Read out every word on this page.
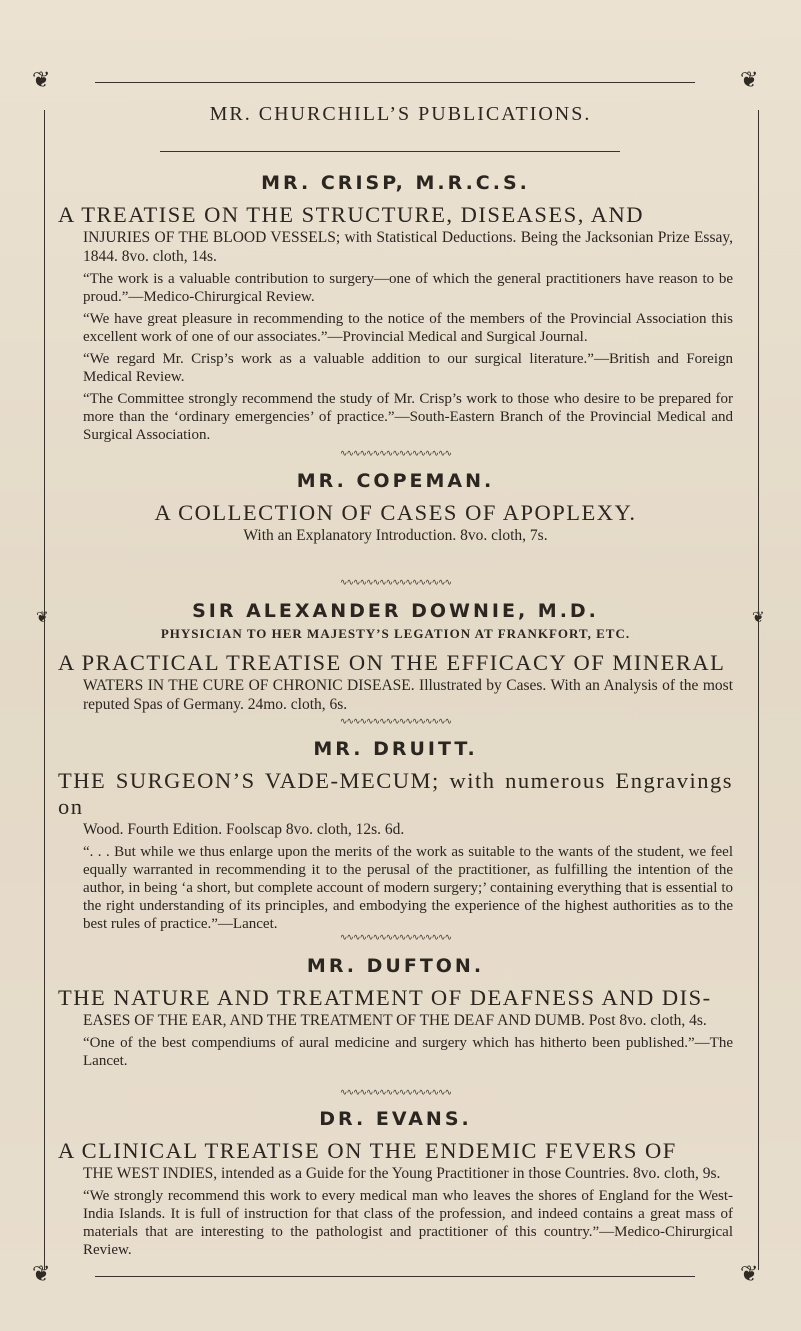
❦	❦
❦	❦
❦	❦
MR. CHURCHILL’S PUBLICATIONS.

MR. CRISP, M.R.C.S.

A TREATISE ON THE STRUCTURE, DISEASES, AND

INJURIES OF THE BLOOD VESSELS; with Statistical Deductions. Being the Jacksonian Prize Essay, 1844. 8vo. cloth, 14s.

“The work is a valuable contribution to surgery—one of which the general practitioners have reason to be proud.”—Medico-Chirurgical Review.

“We have great pleasure in recommending to the notice of the members of the Provincial Association this excellent work of one of our associates.”—Provincial Medical and Surgical Journal.

“We regard Mr. Crisp’s work as a valuable addition to our surgical literature.”—British and Foreign Medical Review.

“The Committee strongly recommend the study of Mr. Crisp’s work to those who desire to be prepared for more than the ‘ordinary emergencies’ of practice.”—South-Eastern Branch of the Provincial Medical and Surgical Association.

∿∿∿∿∿∿∿∿∿∿∿∿∿∿∿∿∿

MR. COPEMAN.

A COLLECTION OF CASES OF APOPLEXY.

With an Explanatory Introduction. 8vo. cloth, 7s.

∿∿∿∿∿∿∿∿∿∿∿∿∿∿∿∿∿

SIR ALEXANDER DOWNIE, M.D.

PHYSICIAN TO HER MAJESTY’S LEGATION AT FRANKFORT, ETC.

A PRACTICAL TREATISE ON THE EFFICACY OF MINERAL

WATERS IN THE CURE OF CHRONIC DISEASE. Illustrated by Cases. With an Analysis of the most reputed Spas of Germany. 24mo. cloth, 6s.

∿∿∿∿∿∿∿∿∿∿∿∿∿∿∿∿∿

MR. DRUITT.

THE SURGEON’S VADE-MECUM; with numerous Engravings on

Wood. Fourth Edition. Foolscap 8vo. cloth, 12s. 6d.

“. . . But while we thus enlarge upon the merits of the work as suitable to the wants of the student, we feel equally warranted in recommending it to the perusal of the practitioner, as fulfilling the intention of the author, in being ‘a short, but complete account of modern surgery;’ containing everything that is essential to the right understanding of its principles, and embodying the experience of the highest authorities as to the best rules of practice.”—Lancet.

∿∿∿∿∿∿∿∿∿∿∿∿∿∿∿∿∿

MR. DUFTON.

THE NATURE AND TREATMENT OF DEAFNESS AND DIS-

EASES OF THE EAR, AND THE TREATMENT OF THE DEAF AND DUMB. Post 8vo. cloth, 4s.

“One of the best compendiums of aural medicine and surgery which has hitherto been published.”—The Lancet.

∿∿∿∿∿∿∿∿∿∿∿∿∿∿∿∿∿

DR. EVANS.

A CLINICAL TREATISE ON THE ENDEMIC FEVERS OF

THE WEST INDIES, intended as a Guide for the Young Practitioner in those Countries. 8vo. cloth, 9s.

“We strongly recommend this work to every medical man who leaves the shores of England for the West-India Islands. It is full of instruction for that class of the profession, and indeed contains a great mass of materials that are interesting to the pathologist and practitioner of this country.”—Medico-Chirurgical Review.
